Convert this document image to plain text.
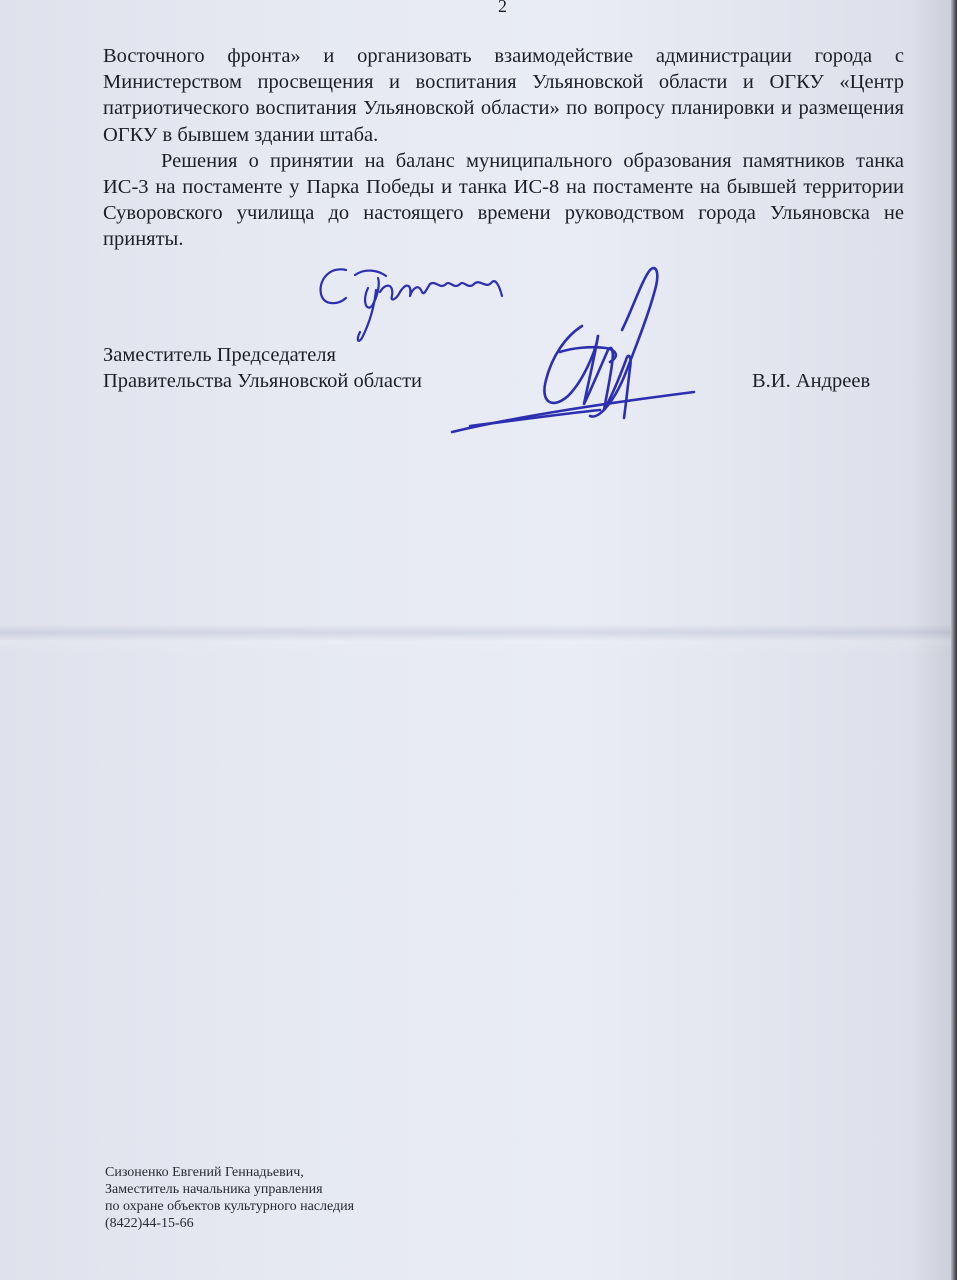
2

Восточного фронта» и организовать взаимодействие администрации города с Министерством просвещения и воспитания Ульяновской области и ОГКУ «Центр патриотического воспитания Ульяновской области» по вопросу планировки и размещения ОГКУ в бывшем здании штаба.

Решения о принятии на баланс муниципального образования памятников танка ИС-3 на постаменте у Парка Победы и танка ИС-8 на постаменте на бывшей территории Суворовского училища до настоящего времени руководством города Ульяновска не приняты.

Заместитель Председателя
Правительства Ульяновской области	В.И. Андреев
Сизоненко Евгений Геннадьевич,
Заместитель начальника управления
по охране объектов культурного наследия
(8422)44-15-66
